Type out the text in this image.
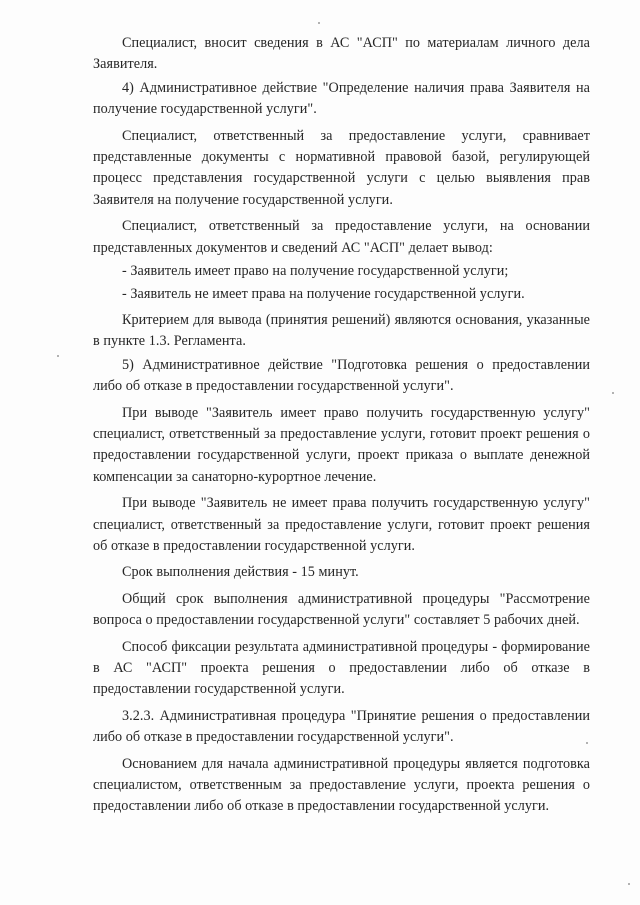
Специалист, вносит сведения в АС "АСП" по материалам личного дела Заявителя.

4) Административное действие "Определение наличия права Заявителя на получение государственной услуги".

Специалист, ответственный за предоставление услуги, сравнивает представленные документы с нормативной правовой базой, регулирующей процесс представления государственной услуги с целью выявления прав Заявителя на получение государственной услуги.

Специалист, ответственный за предоставление услуги, на основании представленных документов и сведений АС "АСП" делает вывод:

- Заявитель имеет право на получение государственной услуги;

- Заявитель не имеет права на получение государственной услуги.

Критерием для вывода (принятия решений) являются основания, указанные в пункте 1.3. Регламента.

5) Административное действие "Подготовка решения о предоставлении либо об отказе в предоставлении государственной услуги".

При выводе "Заявитель имеет право получить государственную услугу" специалист, ответственный за предоставление услуги, готовит проект решения о предоставлении государственной услуги, проект приказа о выплате денежной компенсации за санаторно-курортное лечение.

При выводе "Заявитель не имеет права получить государственную услугу" специалист, ответственный за предоставление услуги, готовит проект решения об отказе в предоставлении государственной услуги.

Срок выполнения действия - 15 минут.

Общий срок выполнения административной процедуры "Рассмотрение вопроса о предоставлении государственной услуги" составляет 5 рабочих дней.

Способ фиксации результата административной процедуры - формирование в АС "АСП" проекта решения о предоставлении либо об отказе в предоставлении государственной услуги.

3.2.3. Административная процедура "Принятие решения о предоставлении либо об отказе в предоставлении государственной услуги".

Основанием для начала административной процедуры является подготовка специалистом, ответственным за предоставление услуги, проекта решения о предоставлении либо об отказе в предоставлении государственной услуги.
